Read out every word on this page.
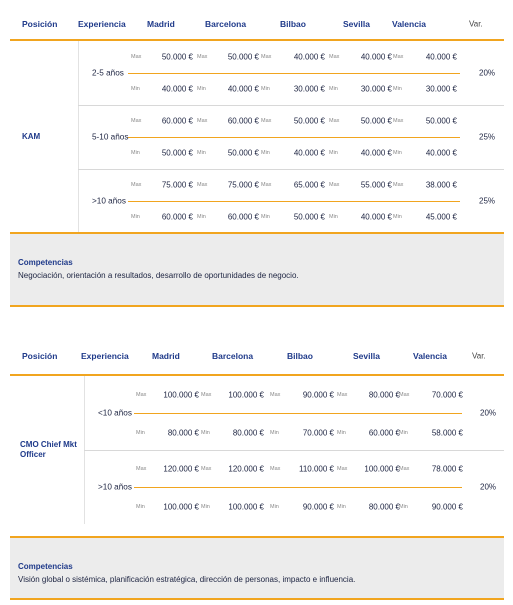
Posición Experiencia	Madrid	Barcelona	Bilbao	Sevilla	Valencia	Var.
KAM
2-5 años	20%
Max	50.000 € Max	50.000 € Max	40.000 € Max	40.000 € Max	40.000 €
Min	40.000 € Min	40.000 € Min	30.000 € Min	30.000 € Min	30.000 €
5-10 años	25%
Max	60.000 € Max	60.000 € Max	50.000 € Max	50.000 € Max	50.000 €
Min	50.000 € Min	50.000 € Min	40.000 € Min	40.000 € Min	40.000 €
>10 años	25%
Max	75.000 € Max	75.000 € Max	65.000 € Max	55.000 € Max	38.000 €
Min	60.000 € Min	60.000 € Min	50.000 € Min	40.000 € Min	45.000 €
Competencias
Negociación, orientación a resultados, desarrollo de oportunidades de negocio.
Posición	Experiencia	Madrid	Barcelona	Bilbao	Sevilla	Valencia	Var.
CMO Chief Mkt Officer
<10 años	20%
Max	100.000 € Max	100.000 € Max	90.000 € Max	80.000 € Max	70.000 €
Min	80.000 € Min	80.000 € Min	70.000 € Min	60.000 € Min	58.000 €
>10 años	20%
Max	120.000 € Max	120.000 € Max	110.000 € Max	100.000 € Max	78.000 €
Min	100.000 € Min	100.000 € Min	90.000 € Min	80.000 € Min	90.000 €
Competencias
Visión global o sistémica, planificación estratégica, dirección de personas, impacto e influencia.
